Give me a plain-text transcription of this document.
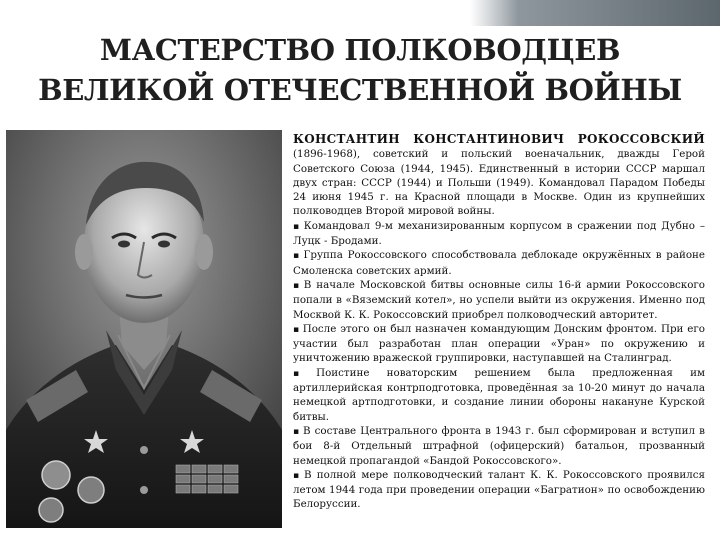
МАСТЕРСТВО ПОЛКОВОДЦЕВ
ВЕЛИКОЙ ОТЕЧЕСТВЕННОЙ ВОЙНЫ

КОНСТАНТИН КОНСТАНТИНОВИЧ РОКОССОВСКИЙ (1896-1968), советский и польский военачальник, дважды Герой Советского Союза (1944, 1945). Единственный в истории СССР маршал двух стран: СССР (1944) и Польши (1949). Командовал Парадом Победы 24 июня 1945 г. на Красной площади в Москве. Один из крупнейших полководцев Второй мировой войны.

▪ Командовал 9-м механизированным корпусом в сражении под Дубно – Луцк - Бродами.

▪ Группа Рокоссовского способствовала деблокаде окружённых в районе Смоленска советских армий.

▪ В начале Московской битвы основные силы 16-й армии Рокоссовского попали в «Вяземский котел», но успели выйти из окружения. Именно под Москвой К. К. Рокоссовский приобрел полководческий авторитет.

▪ После этого он был назначен командующим Донским фронтом. При его участии был разработан план операции «Уран» по окружению и уничтожению вражеской группировки, наступавшей на Сталинград.

▪ Поистине новаторским решением была предложенная им артиллерийская контрподготовка, проведённая за 10-20 минут до начала немецкой артподготовки, и создание линии обороны накануне Курской битвы.

▪ В составе Центрального фронта в 1943 г. был сформирован и вступил в бои 8-й Отдельный штрафной (офицерский) батальон, прозванный немецкой пропагандой «Бандой Рокоссовского».

▪ В полной мере полководческий талант К. К. Рокоссовского проявился летом 1944 года при проведении операции «Багратион» по освобождению Белоруссии.
